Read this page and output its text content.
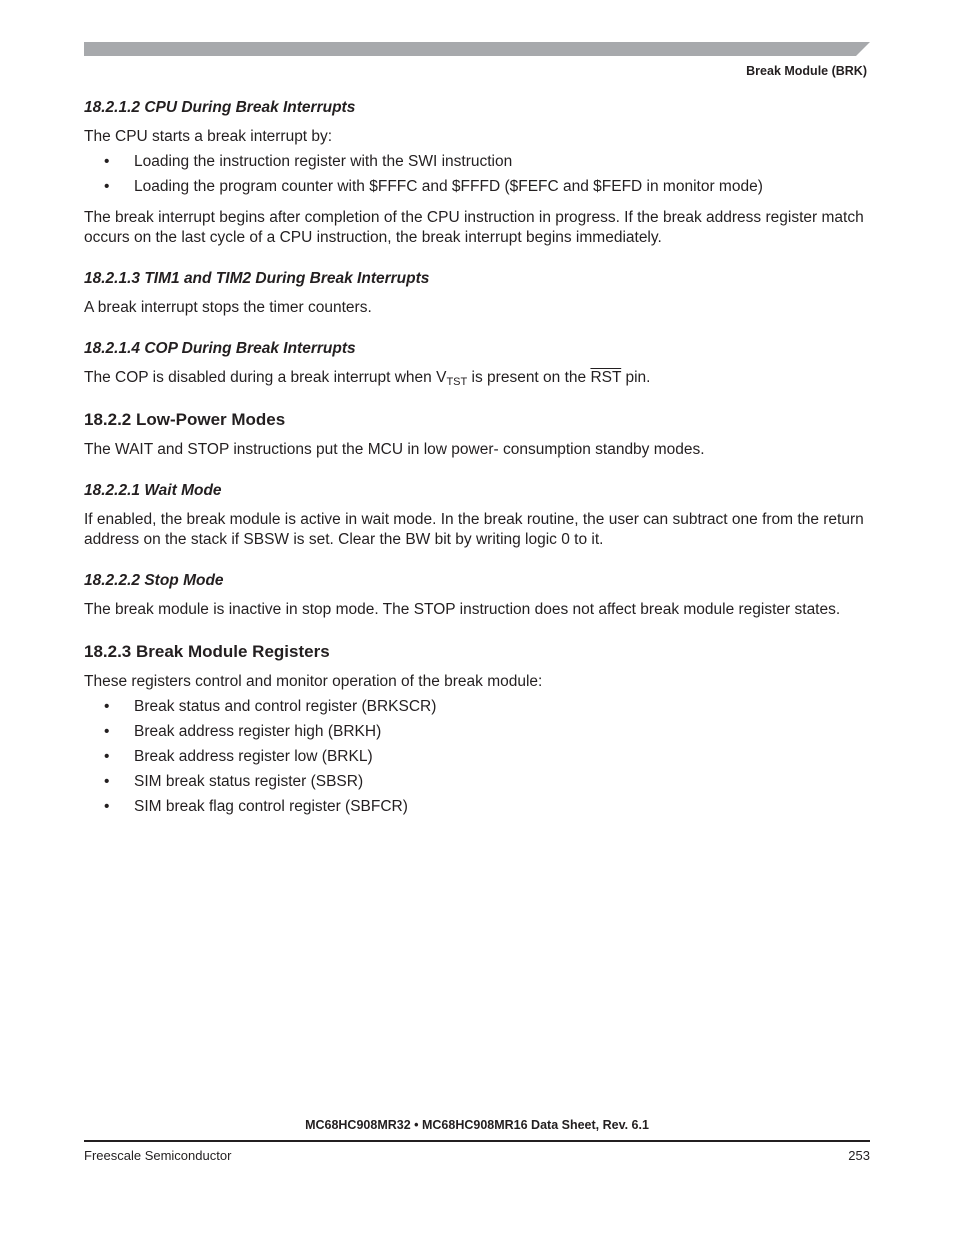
Break Module (BRK)
18.2.1.2 CPU During Break Interrupts

The CPU starts a break interrupt by:

• Loading the instruction register with the SWI instruction
• Loading the program counter with $FFFC and $FFFD ($FEFC and $FEFD in monitor mode)

The break interrupt begins after completion of the CPU instruction in progress. If the break address register match occurs on the last cycle of a CPU instruction, the break interrupt begins immediately.

18.2.1.3 TIM1 and TIM2 During Break Interrupts

A break interrupt stops the timer counters.

18.2.1.4 COP During Break Interrupts

The COP is disabled during a break interrupt when $V_{TST}$ is present on the $\overline{RST}$ pin.

18.2.2 Low-Power Modes

The WAIT and STOP instructions put the MCU in low power- consumption standby modes.

18.2.2.1 Wait Mode

If enabled, the break module is active in wait mode. In the break routine, the user can subtract one from the return address on the stack if SBSW is set. Clear the BW bit by writing logic 0 to it.

18.2.2.2 Stop Mode

The break module is inactive in stop mode. The STOP instruction does not affect break module register states.

18.2.3 Break Module Registers

These registers control and monitor operation of the break module:

• Break status and control register (BRKSCR)
• Break address register high (BRKH)
• Break address register low (BRKL)
• SIM break status register (SBSR)
• SIM break flag control register (SBFCR)
MC68HC908MR32 • MC68HC908MR16 Data Sheet, Rev. 6.1
Freescale Semiconductor	253
